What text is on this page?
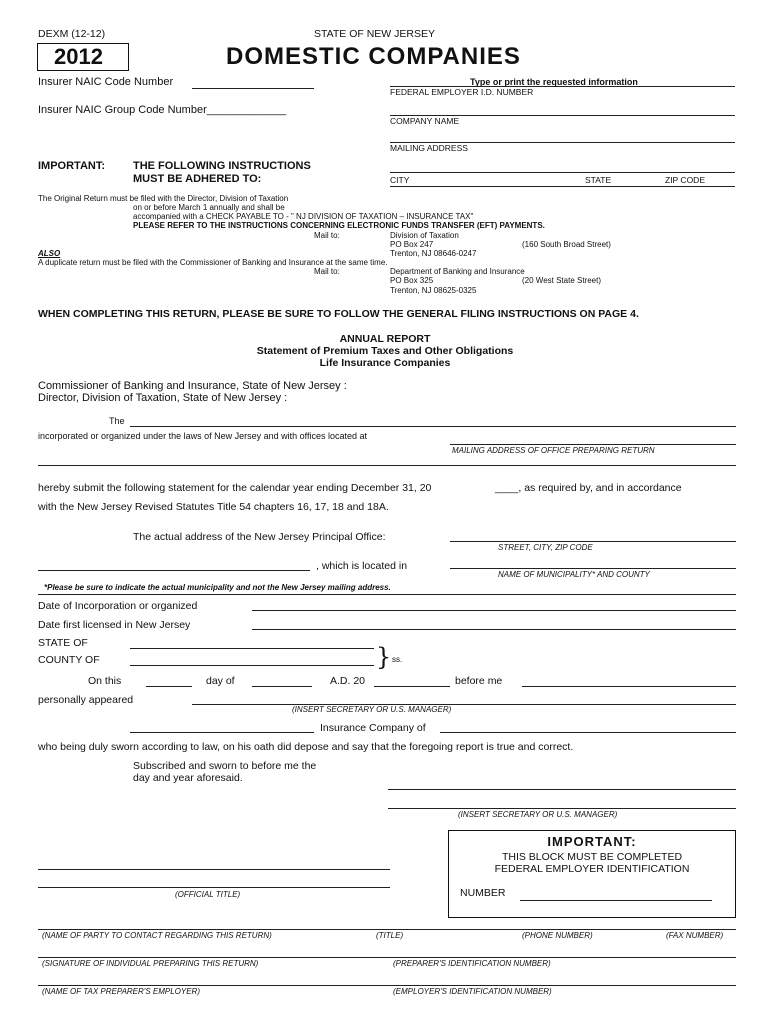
DEXM (12-12)	STATE OF NEW JERSEY
2012	DOMESTIC COMPANIES
Insurer NAIC Code Number
Insurer NAIC Group Code Number_____________
Type or print the requested information
FEDERAL EMPLOYER I.D. NUMBER
COMPANY NAME
MAILING ADDRESS
CITY	STATE	ZIP CODE
IMPORTANT:	THE FOLLOWING INSTRUCTIONS
MUST BE ADHERED TO:
The Original Return must be filed with the Director, Division of Taxation
on or before March 1 annually and shall be
accompanied with a CHECK PAYABLE TO - " NJ DIVISION OF TAXATION – INSURANCE TAX"
PLEASE REFER TO THE INSTRUCTIONS CONCERNING ELECTRONIC FUNDS TRANSFER (EFT) PAYMENTS.
Mail to:	Division of Taxation
PO Box 247	(160 South Broad Street)
ALSO	Trenton, NJ 08646-0247
A duplicate return must be filed with the Commissioner of Banking and Insurance at the same time.
Mail to:	Department of Banking and Insurance
PO Box 325	(20 West State Street)
Trenton, NJ 08625-0325
WHEN COMPLETING THIS RETURN, PLEASE BE SURE TO FOLLOW THE GENERAL FILING INSTRUCTIONS ON PAGE 4.
ANNUAL REPORT
Statement of Premium Taxes and Other Obligations
Life Insurance Companies
Commissioner of Banking and Insurance, State of New Jersey :
Director, Division of Taxation, State of New Jersey :
The
incorporated or organized under the laws of New Jersey and with offices located at
MAILING ADDRESS OF OFFICE PREPARING RETURN
hereby submit the following statement for the calendar year ending December 31, 20	____, as required by, and in accordance
with the New Jersey Revised Statutes Title 54 chapters 16, 17, 18 and 18A.
The actual address of the New Jersey Principal Office:
STREET, CITY, ZIP CODE
, which is located in
NAME OF MUNICIPALITY* AND COUNTY
*Please be sure to indicate the actual municipality and not the New Jersey mailing address.
Date of Incorporation or organized
Date first licensed in New Jersey
STATE OF
COUNTY OF	} ss.
On this	day of	A.D. 20	before me
personally appeared
(INSERT SECRETARY OR U.S. MANAGER)
Insurance Company of
who being duly sworn according to law, on his oath did depose and say that the foregoing report is true and correct.
Subscribed and sworn to before me the
day and year aforesaid.
(INSERT SECRETARY OR U.S. MANAGER)
(OFFICIAL TITLE)
IMPORTANT:
THIS BLOCK MUST BE COMPLETED
FEDERAL EMPLOYER IDENTIFICATION
NUMBER
(NAME OF PARTY TO CONTACT REGARDING THIS RETURN)	(TITLE)	(PHONE NUMBER)	(FAX NUMBER)
(SIGNATURE OF INDIVIDUAL PREPARING THIS RETURN)	(PREPARER'S IDENTIFICATION NUMBER)
(NAME OF TAX PREPARER'S EMPLOYER)	(EMPLOYER'S IDENTIFICATION NUMBER)
